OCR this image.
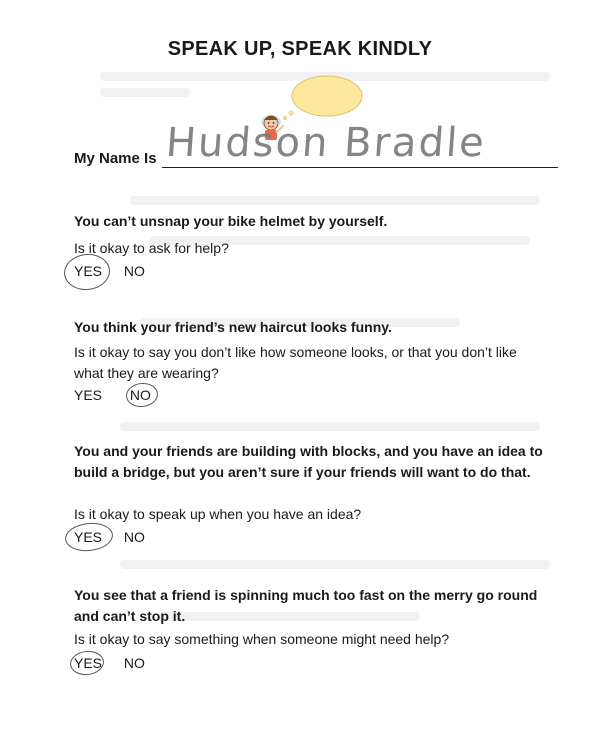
SPEAK UP, SPEAK KINDLY
My Name Is Hudson Bradle
You can’t unsnap your bike helmet by yourself.
Is it okay to ask for help?
YES NO
You think your friend’s new haircut looks funny.
Is it okay to say you don’t like how someone looks, or that you don’t like what they are wearing?
YES NO
You and your friends are building with blocks, and you have an idea to build a bridge, but you aren’t sure if your friends will want to do that.
Is it okay to speak up when you have an idea?
YES NO
You see that a friend is spinning much too fast on the merry go round and can’t stop it.
Is it okay to say something when someone might need help?
YES NO
